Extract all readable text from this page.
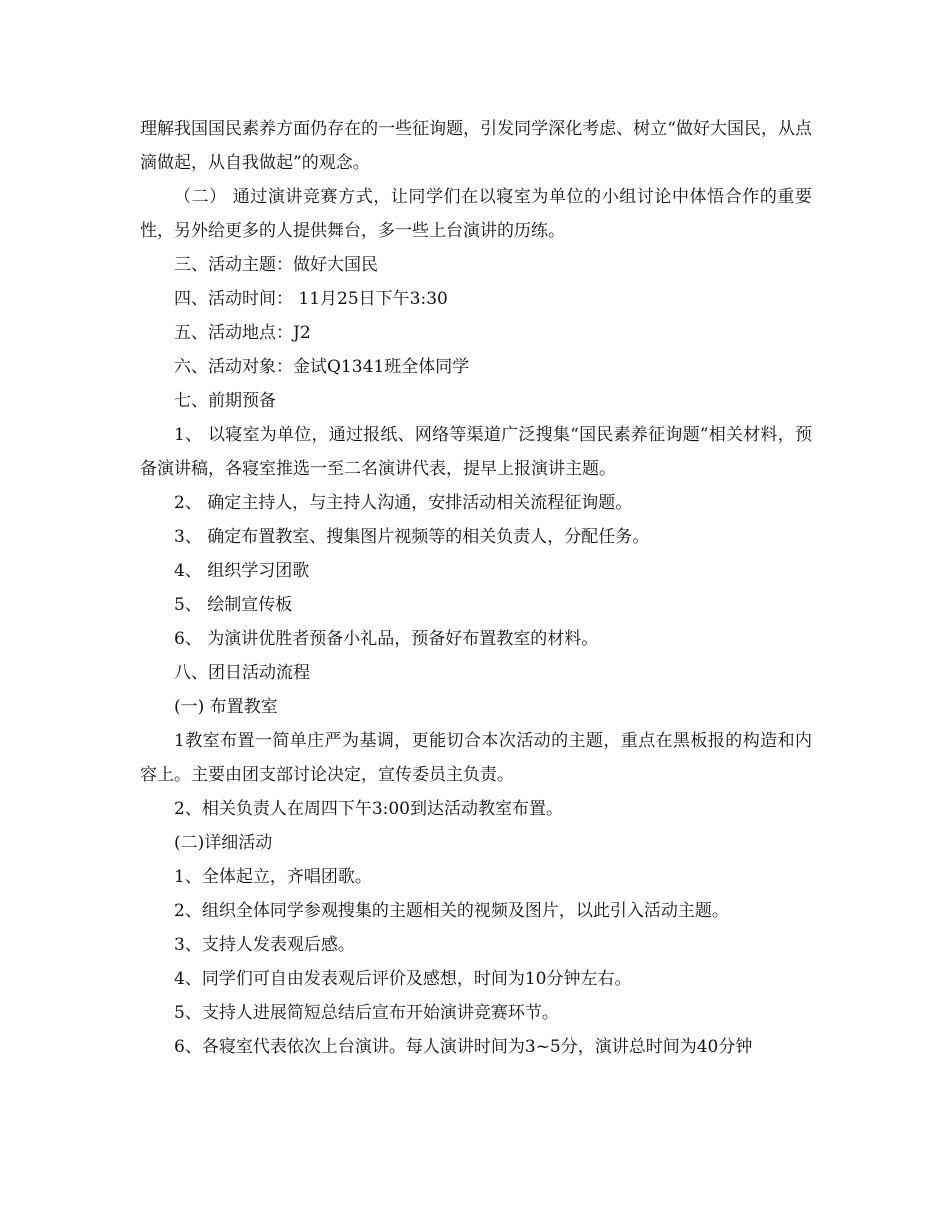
理解我国国民素养方面仍存在的一些征询题，引发同学深化考虑、树立“做好大国民，从点滴做起，从自我做起”的观念。

（二） 通过演讲竞赛方式，让同学们在以寝室为单位的小组讨论中体悟合作的重要性，另外给更多的人提供舞台，多一些上台演讲的历练。

三、活动主题：做好大国民

四、活动时间： 11月25日下午3:30

五、活动地点：J2

六、活动对象：金试Q1341班全体同学

七、前期预备

1、 以寝室为单位，通过报纸、网络等渠道广泛搜集“国民素养征询题”相关材料，预备演讲稿，各寝室推选一至二名演讲代表，提早上报演讲主题。

2、 确定主持人，与主持人沟通，安排活动相关流程征询题。

3、 确定布置教室、搜集图片视频等的相关负责人，分配任务。

4、 组织学习团歌

5、 绘制宣传板

6、 为演讲优胜者预备小礼品，预备好布置教室的材料。

八、团日活动流程

(一) 布置教室

1教室布置一简单庄严为基调，更能切合本次活动的主题，重点在黑板报的构造和内容上。主要由团支部讨论决定，宣传委员主负责。

2、相关负责人在周四下午3:00到达活动教室布置。

(二)详细活动

1、全体起立，齐唱团歌。

2、组织全体同学参观搜集的主题相关的视频及图片，以此引入活动主题。

3、支持人发表观后感。

4、同学们可自由发表观后评价及感想，时间为10分钟左右。

5、支持人进展简短总结后宣布开始演讲竞赛环节。

6、各寝室代表依次上台演讲。每人演讲时间为3~5分，演讲总时间为40分钟
